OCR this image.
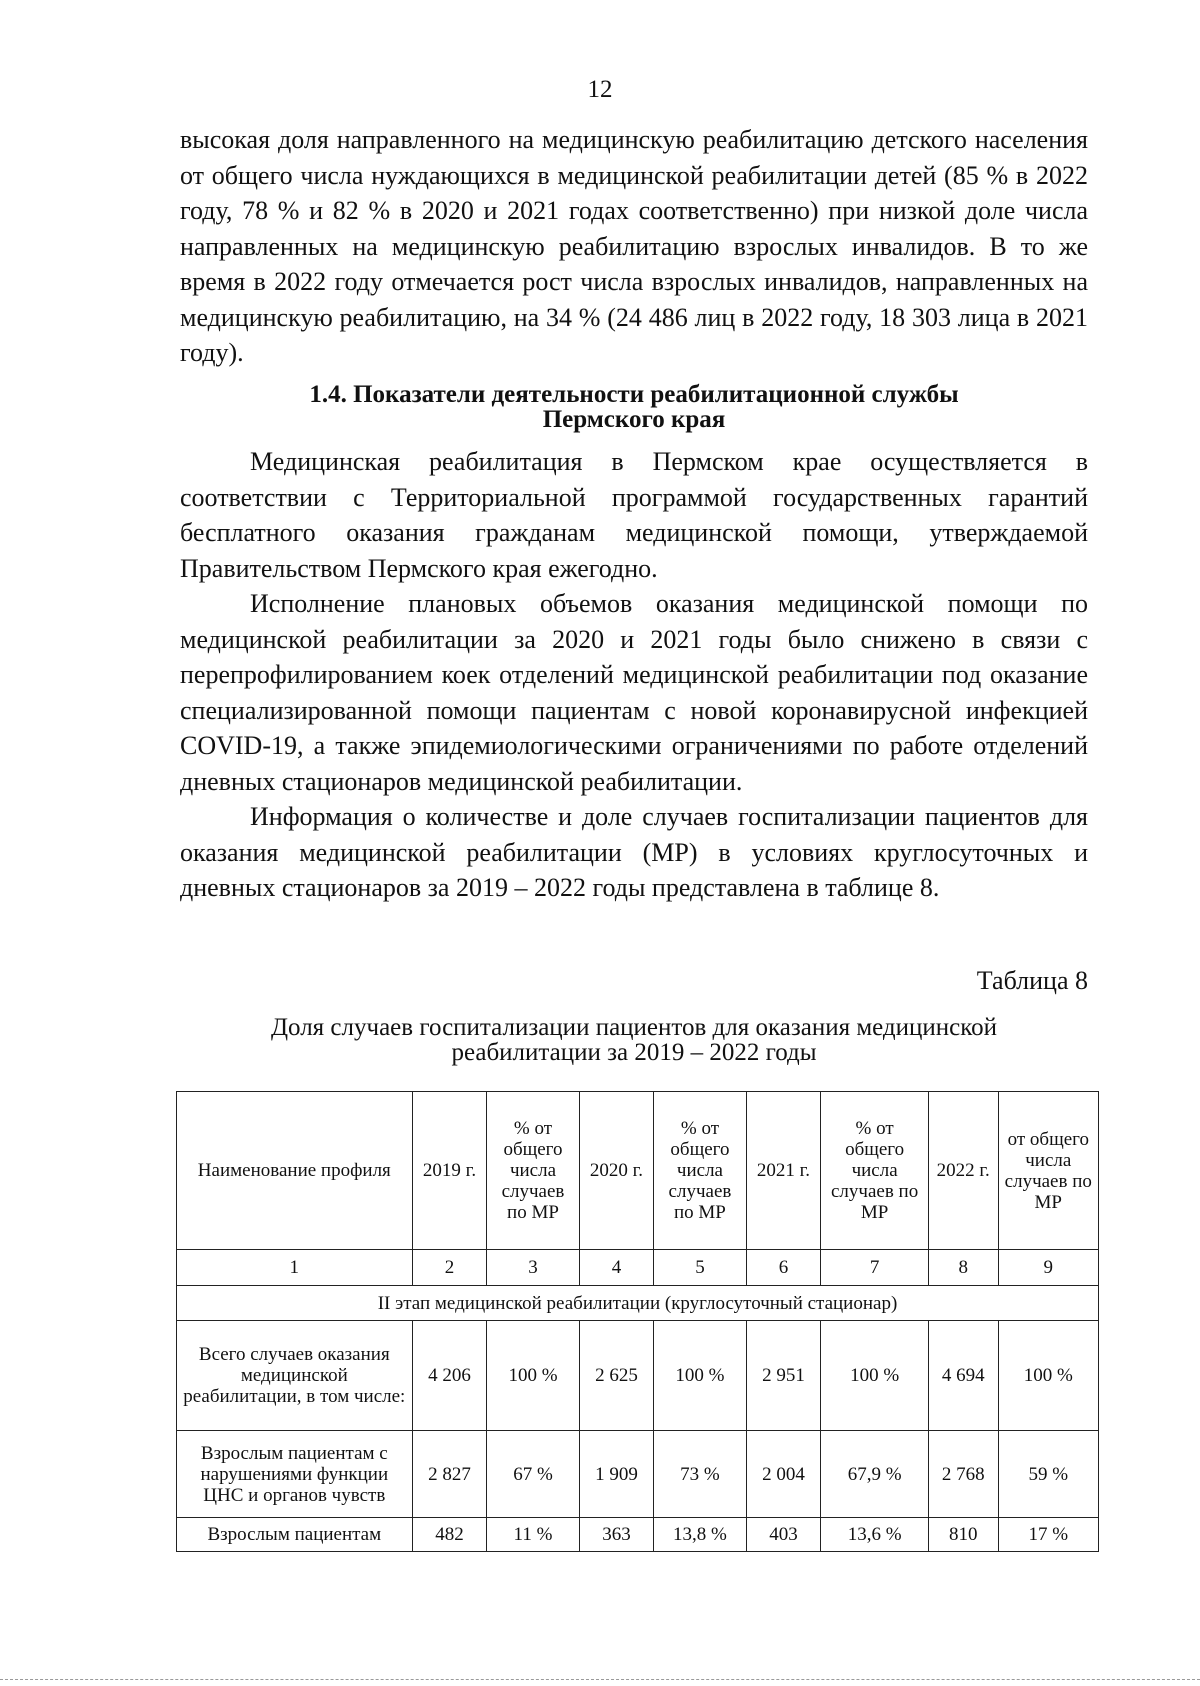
12

высокая доля направленного на медицинскую реабилитацию детского населения от общего числа нуждающихся в медицинской реабилитации детей (85 % в 2022 году, 78 % и 82 % в 2020 и 2021 годах соответственно) при низкой доле числа направленных на медицинскую реабилитацию взрослых инвалидов. В то же время в 2022 году отмечается рост числа взрослых инвалидов, направленных на медицинскую реабилитацию, на 34 % (24 486 лиц в 2022 году, 18 303 лица в 2021 году).

1.4. Показатели деятельности реабилитационной службы
Пермского края

Медицинская реабилитация в Пермском крае осуществляется в соответствии с Территориальной программой государственных гарантий бесплатного оказания гражданам медицинской помощи, утверждаемой Правительством Пермского края ежегодно.

Исполнение плановых объемов оказания медицинской помощи по медицинской реабилитации за 2020 и 2021 годы было снижено в связи с перепрофилированием коек отделений медицинской реабилитации под оказание специализированной помощи пациентам с новой коронавирусной инфекцией COVID-19, а также эпидемиологическими ограничениями по работе отделений дневных стационаров медицинской реабилитации.

Информация о количестве и доле случаев госпитализации пациентов для оказания медицинской реабилитации (МР) в условиях круглосуточных и дневных стационаров за 2019 – 2022 годы представлена в таблице 8.

Таблица 8
Доля случаев госпитализации пациентов для оказания медицинской
реабилитации за 2019 – 2022 годы
Наименование профиля	2019 г.	% от общего числа случаев по МР	2020 г.	% от общего числа случаев по МР	2021 г.	% от общего числа случаев по МР	2022 г.	от общего числа случаев по МР
1	2	3	4	5	6	7	8	9
II этап медицинской реабилитации (круглосуточный стационар)								
Всего случаев оказания медицинской реабилитации, в том числе:	4 206	100 %	2 625	100 %	2 951	100 %	4 694	100 %
Взрослым пациентам с нарушениями функции ЦНС и органов чувств	2 827	67 %	1 909	73 %	2 004	67,9 %	2 768	59 %
Взрослым пациентам	482	11 %	363	13,8 %	403	13,6 %	810	17 %
